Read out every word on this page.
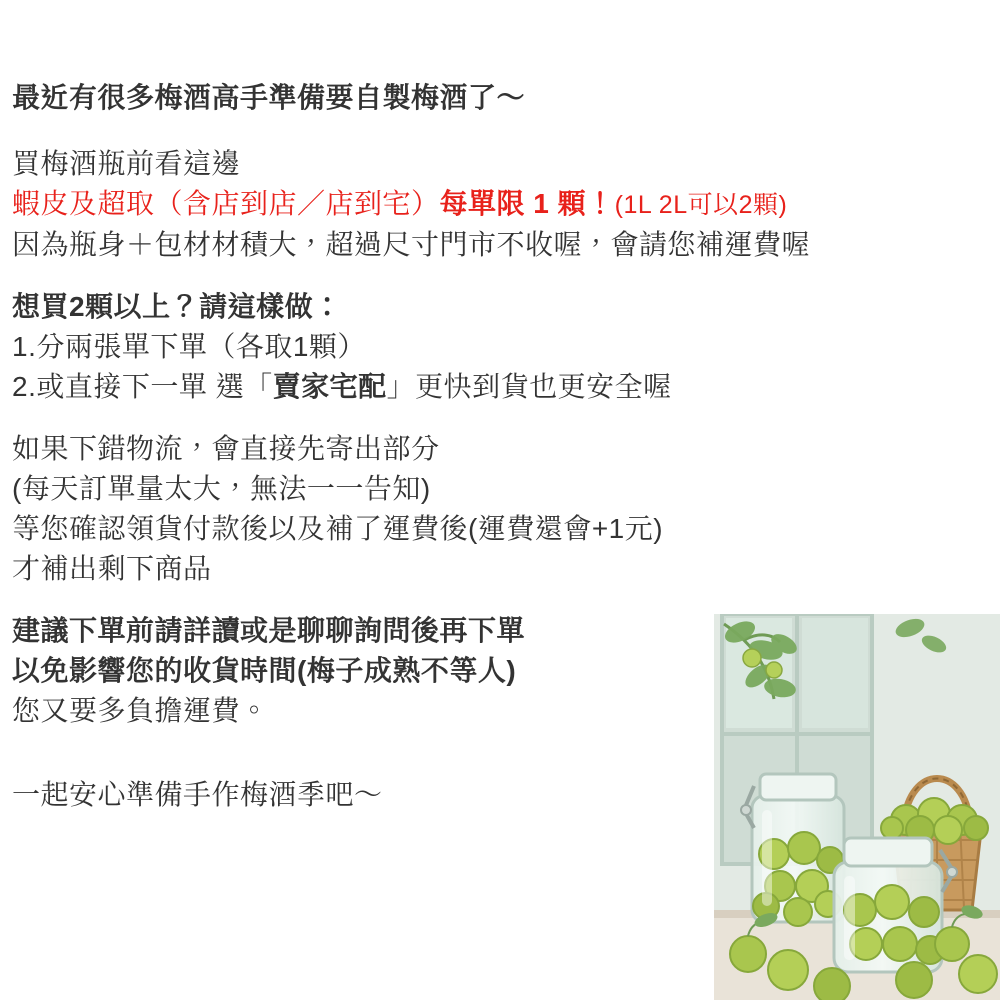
最近有很多梅酒高手準備要自製梅酒了～
買梅酒瓶前看這邊
蝦皮及超取（含店到店／店到宅）每單限 1 顆！(1L 2L可以2顆)
因為瓶身＋包材材積大，超過尺寸門市不收喔，會請您補運費喔
想買2顆以上？請這樣做：
1.分兩張單下單（各取1顆）
2.或直接下一單 選「賣家宅配」更快到貨也更安全喔
如果下錯物流，會直接先寄出部分
(每天訂單量太大，無法一一告知)
等您確認領貨付款後以及補了運費後(運費還會+1元)
才補出剩下商品
建議下單前請詳讀或是聊聊詢問後再下單
以免影響您的收貨時間(梅子成熟不等人)
您又要多負擔運費。
一起安心準備手作梅酒季吧～
